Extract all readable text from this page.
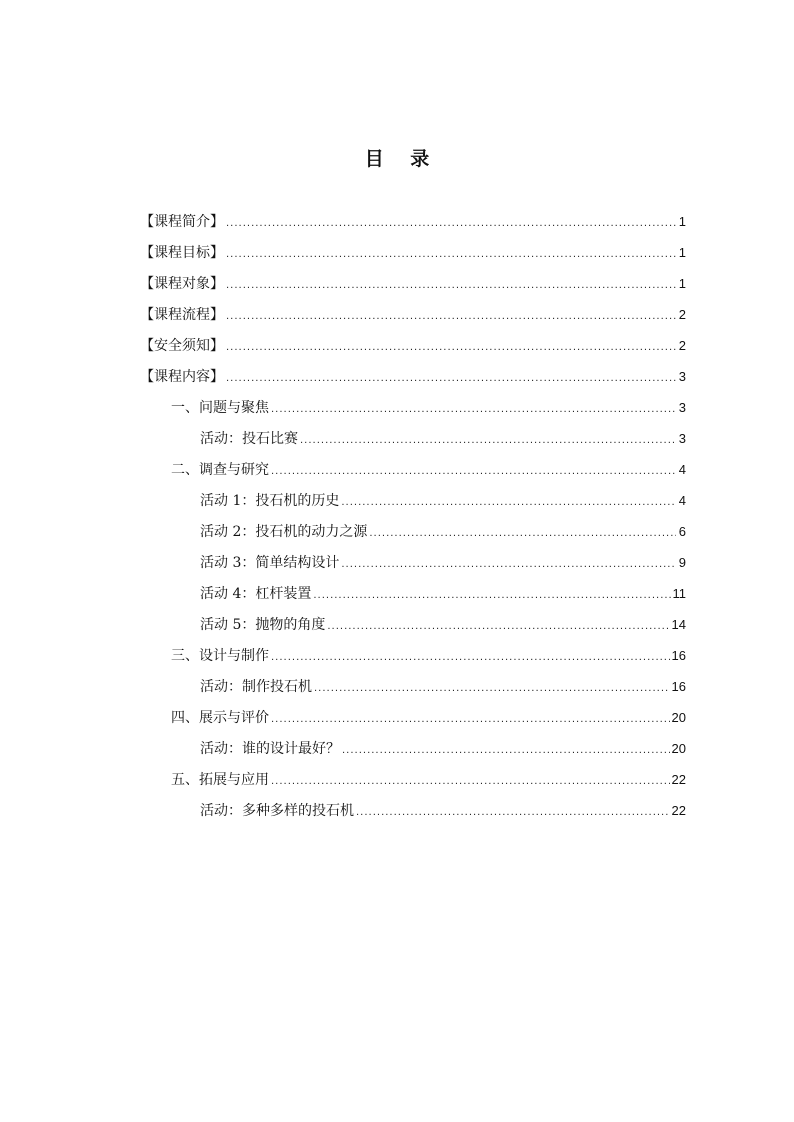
目 录
【课程简介】 .....	1
【课程目标】 .....	1
【课程对象】 .....	1
【课程流程】 .....	2
【安全须知】 .....	2
【课程内容】 .....	3
一、问题与聚焦 .....	3
活动：投石比赛 .....	3
二、调查与研究 .....	4
活动 1：投石机的历史 .....	4
活动 2：投石机的动力之源 .....	6
活动 3：简单结构设计 .....	9
活动 4：杠杆装置 .....	11
活动 5：抛物的角度 .....	14
三、设计与制作 .....	16
活动：制作投石机 .....	16
四、展示与评价 .....	20
活动：谁的设计最好？ .....	20
五、拓展与应用 .....	22
活动：多种多样的投石机 .....	22
